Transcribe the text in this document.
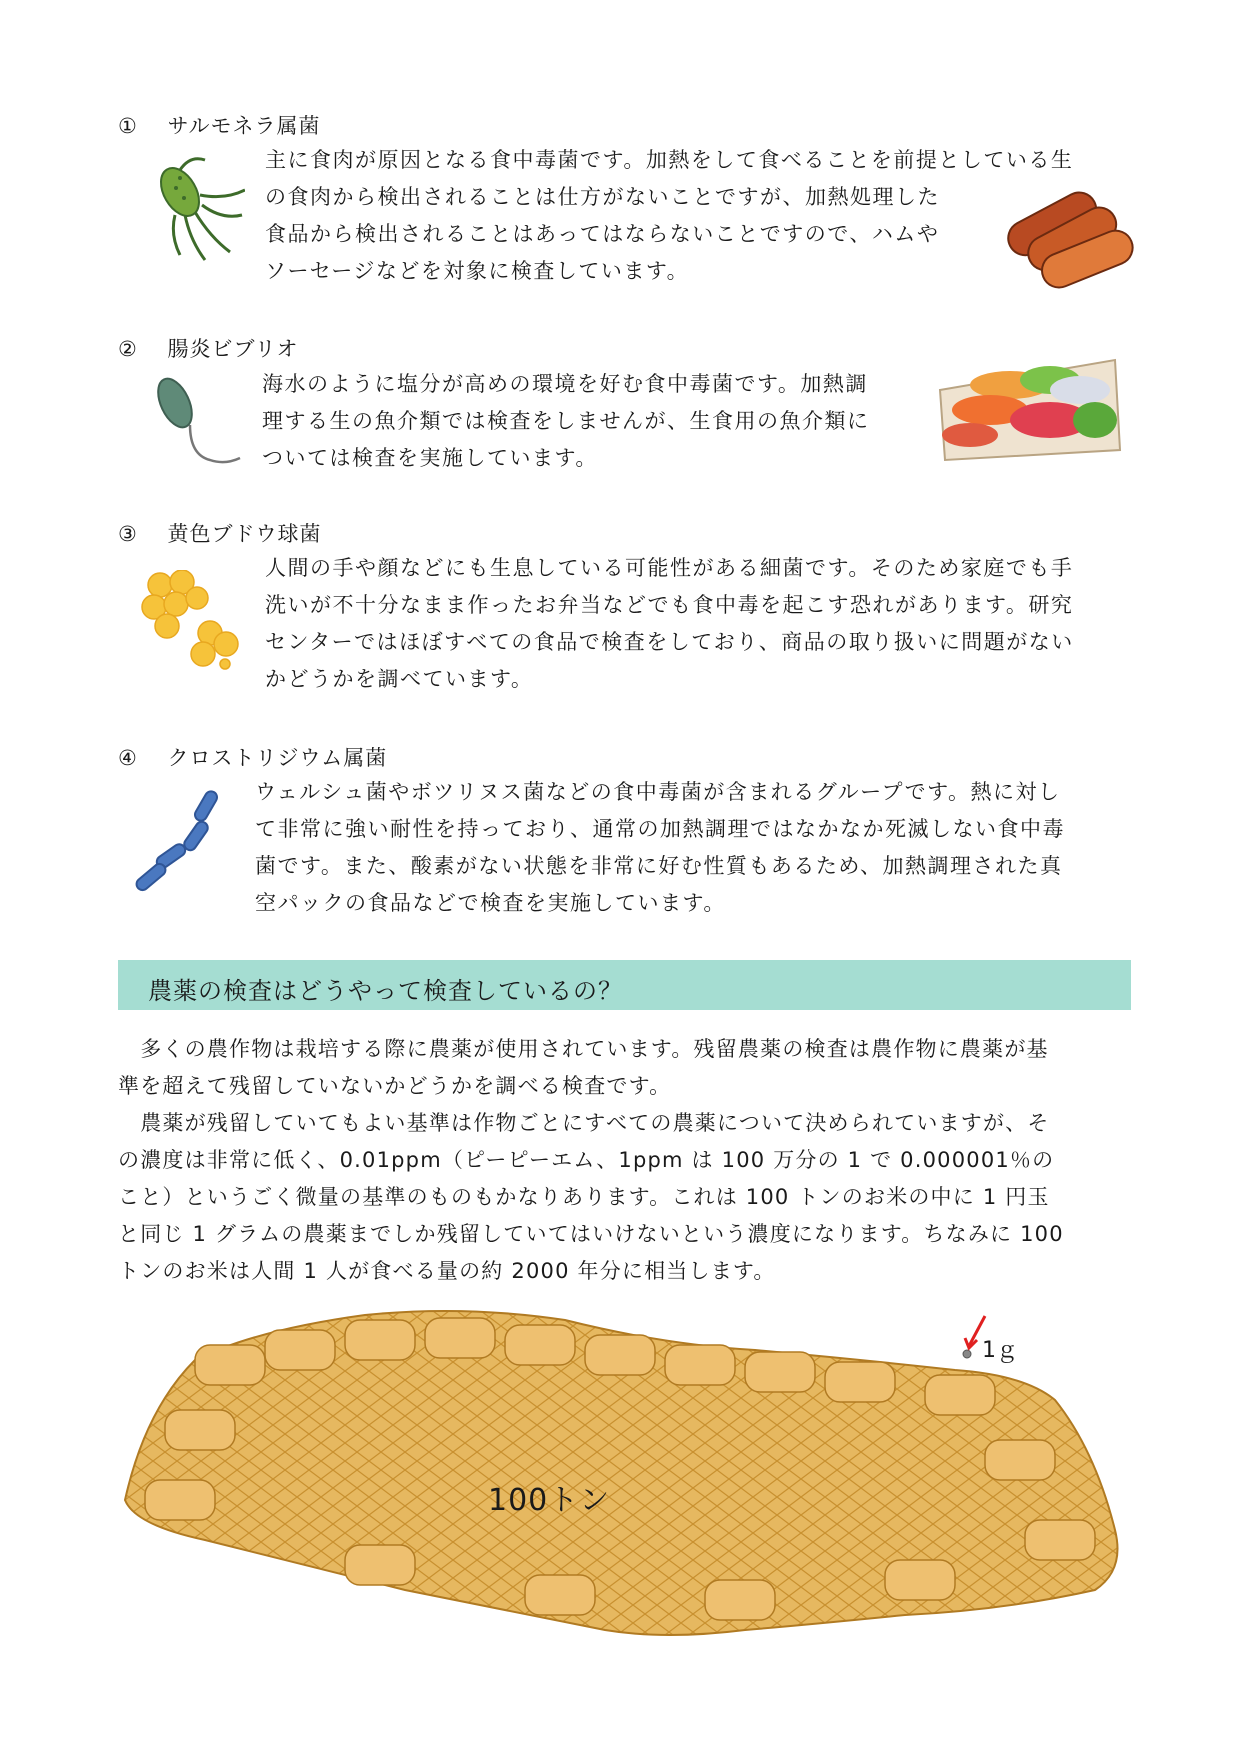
① サルモネラ属菌
主に食肉が原因となる食中毒菌です。加熱をして食べることを前提としている生
の食肉から検出されることは仕方がないことですが、加熱処理した
食品から検出されることはあってはならないことですので、ハムや
ソーセージなどを対象に検査しています。
② 腸炎ビブリオ
海水のように塩分が高めの環境を好む食中毒菌です。加熱調
理する生の魚介類では検査をしませんが、生食用の魚介類に
ついては検査を実施しています。
③ 黄色ブドウ球菌
人間の手や顔などにも生息している可能性がある細菌です。そのため家庭でも手
洗いが不十分なまま作ったお弁当などでも食中毒を起こす恐れがあります。研究
センターではほぼすべての食品で検査をしており、商品の取り扱いに問題がない
かどうかを調べています。
④ クロストリジウム属菌
ウェルシュ菌やボツリヌス菌などの食中毒菌が含まれるグループです。熱に対し
て非常に強い耐性を持っており、通常の加熱調理ではなかなか死滅しない食中毒
菌です。また、酸素がない状態を非常に好む性質もあるため、加熱調理された真
空パックの食品などで検査を実施しています。
農薬の検査はどうやって検査しているの？
　多くの農作物は栽培する際に農薬が使用されています。残留農薬の検査は農作物に農薬が基
準を超えて残留していないかどうかを調べる検査です。
　農薬が残留していてもよい基準は作物ごとにすべての農薬について決められていますが、そ
の濃度は非常に低く、0.01ppm（ピーピーエム、1ppm は 100 万分の 1 で 0.000001％の
こと）というごく微量の基準のものもかなりあります。これは 100 トンのお米の中に 1 円玉
と同じ 1 グラムの農薬までしか残留していてはいけないという濃度になります。ちなみに 100
トンのお米は人間 1 人が食べる量の約 2000 年分に相当します。
100トン
1ｇ
